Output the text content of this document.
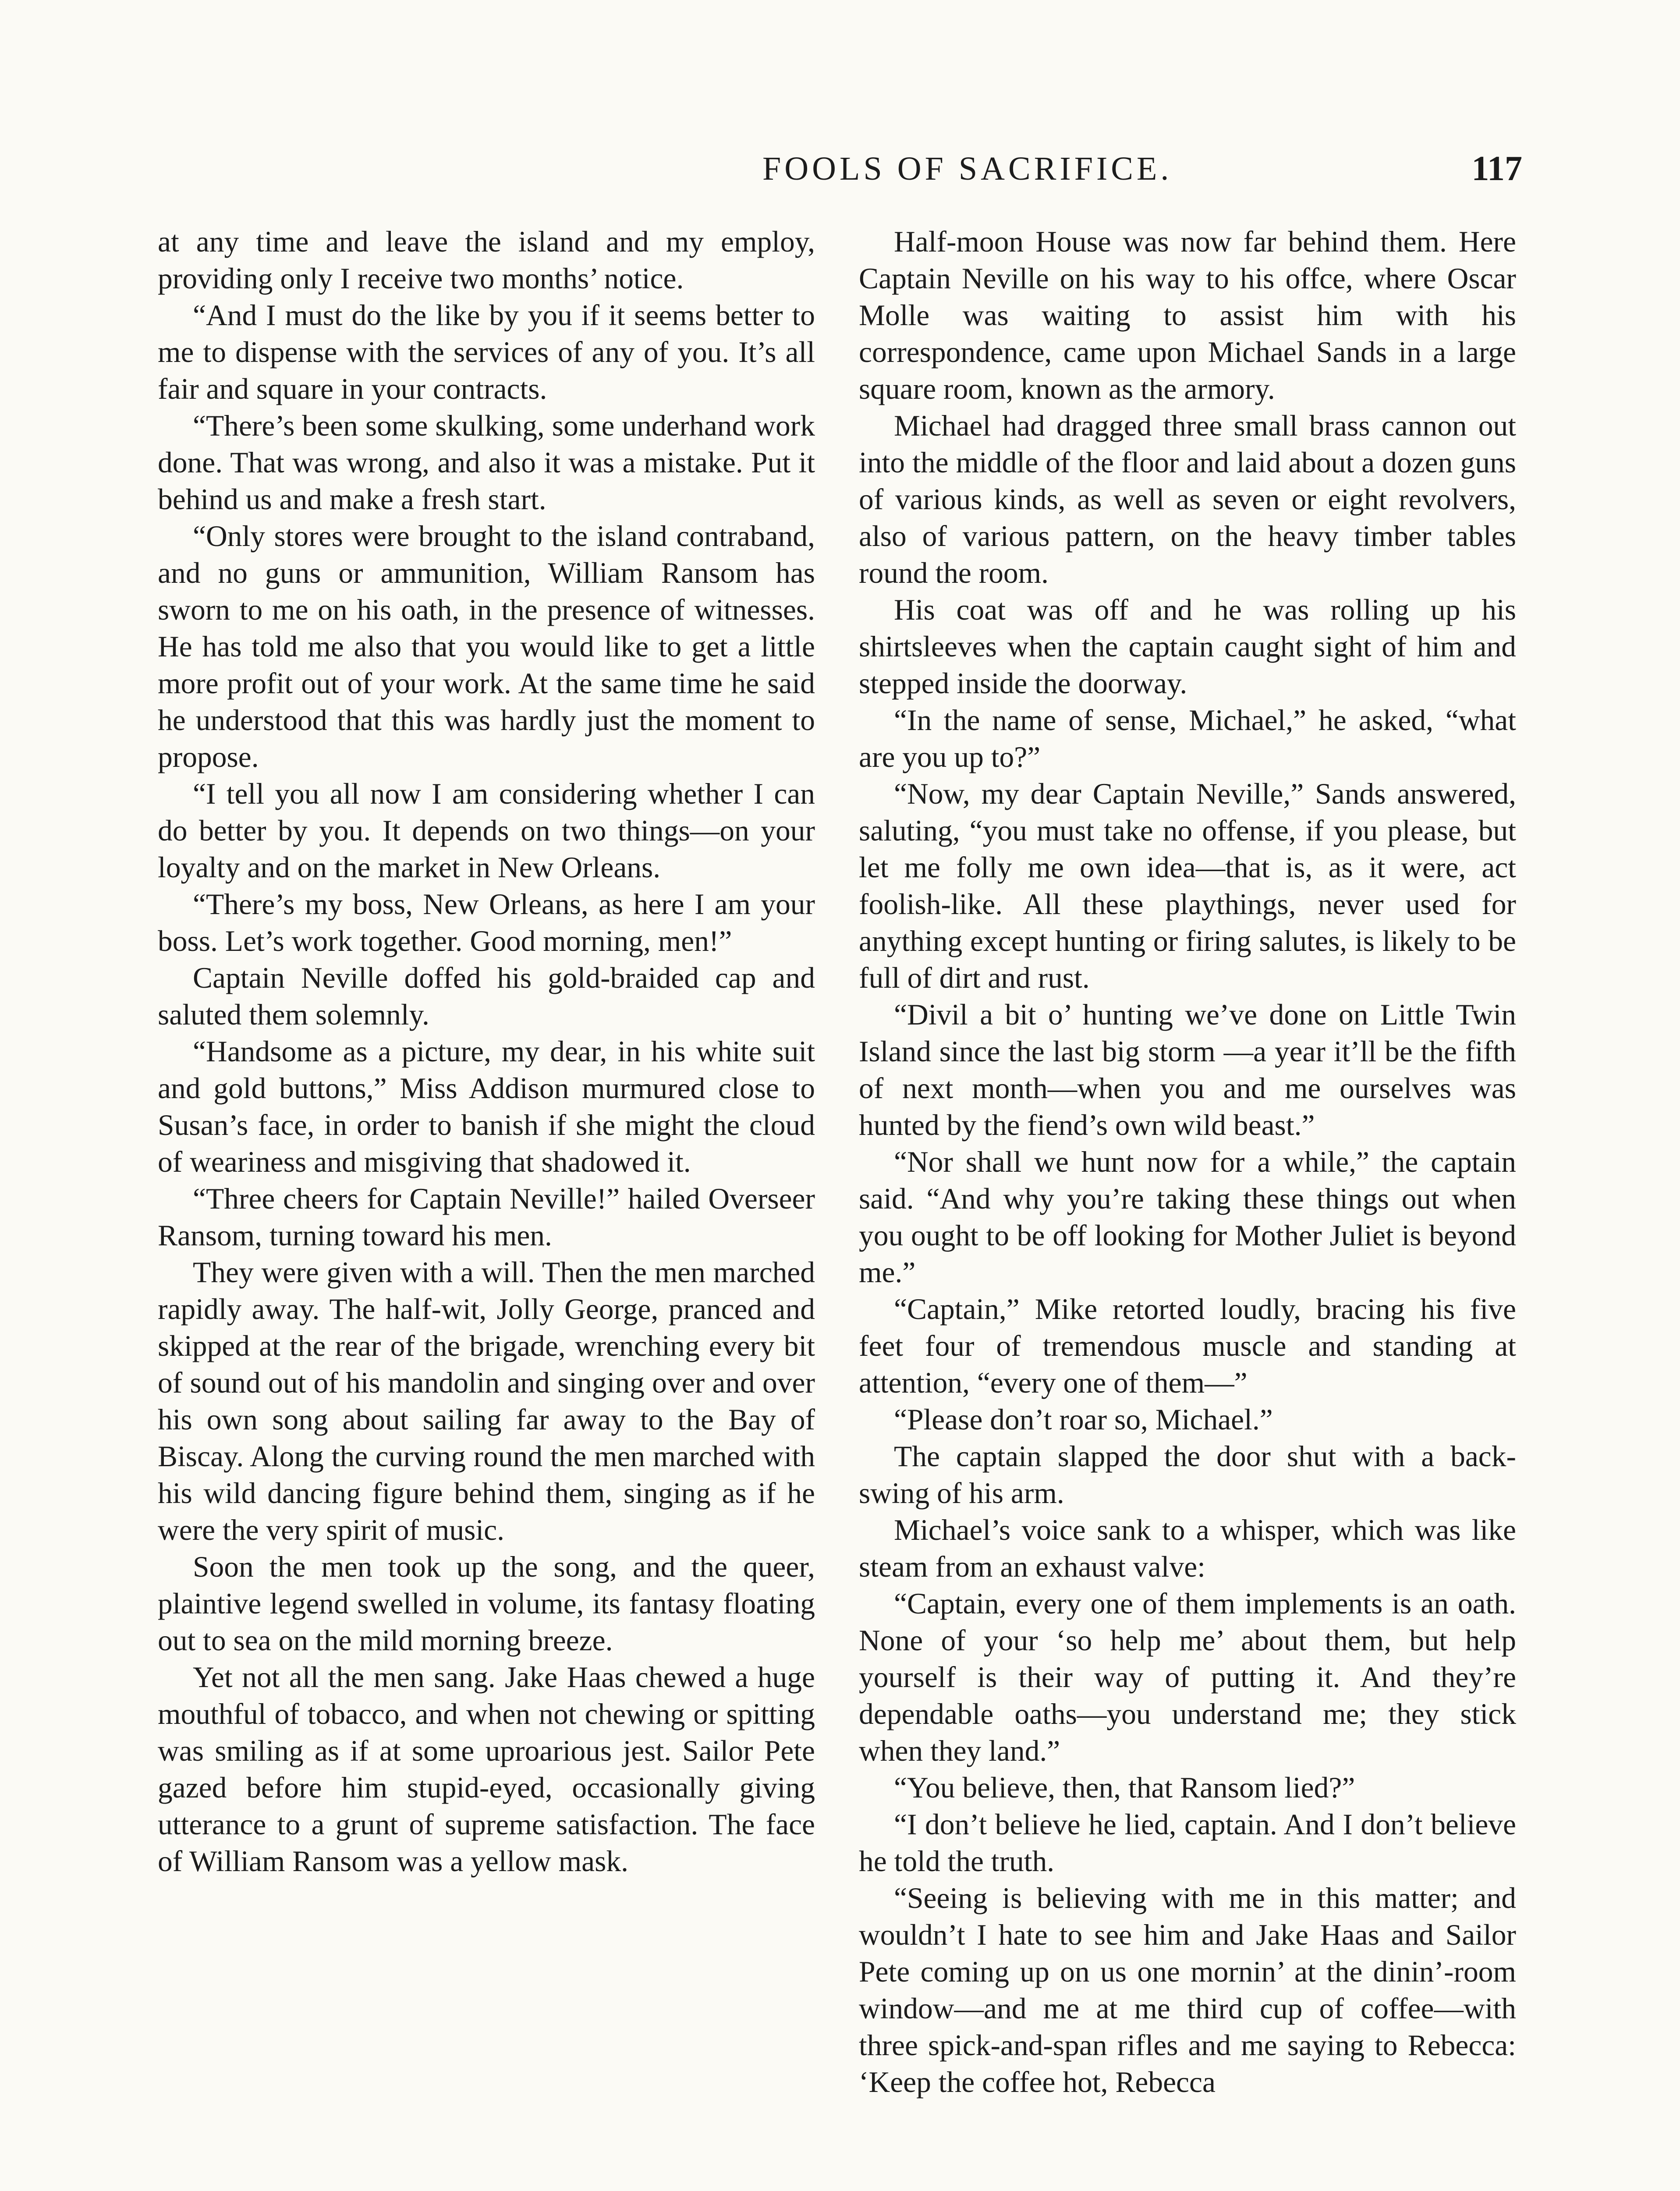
FOOLS OF SACRIFICE.	117

at any time and leave the island and my employ, providing only I receive two months’ notice.

“And I must do the like by you if it seems better to me to dispense with the services of any of you. It’s all fair and square in your contracts.

“There’s been some skulking, some underhand work done. That was wrong, and also it was a mistake. Put it behind us and make a fresh start.

“Only stores were brought to the island contraband, and no guns or ammunition, William Ransom has sworn to me on his oath, in the presence of witnesses. He has told me also that you would like to get a little more profit out of your work. At the same time he said he understood that this was hardly just the moment to propose.

“I tell you all now I am considering whether I can do better by you. It depends on two things—on your loyalty and on the market in New Orleans.

“There’s my boss, New Orleans, as here I am your boss. Let’s work together. Good morning, men!”

Captain Neville doffed his gold-braided cap and saluted them solemnly.

“Handsome as a picture, my dear, in his white suit and gold buttons,” Miss Addison murmured close to Susan’s face, in order to banish if she might the cloud of weariness and misgiving that shadowed it.

“Three cheers for Captain Neville!” hailed Overseer Ransom, turning toward his men.

They were given with a will. Then the men marched rapidly away. The half-wit, Jolly George, pranced and skipped at the rear of the brigade, wrenching every bit of sound out of his mandolin and singing over and over his own song about sailing far away to the Bay of Biscay. Along the curving round the men marched with his wild dancing figure behind them, singing as if he were the very spirit of music.

Soon the men took up the song, and the queer, plaintive legend swelled in volume, its fantasy floating out to sea on the mild morning breeze.

Yet not all the men sang. Jake Haas chewed a huge mouthful of tobacco, and when not chewing or spitting was smiling as if at some uproarious jest. Sailor Pete gazed before him stupid-eyed, occasionally giving utterance to a grunt of supreme satisfaction. The face of William Ransom was a yellow mask.

Half-moon House was now far behind them. Here Captain Neville on his way to his offce, where Oscar Molle was waiting to assist him with his correspondence, came upon Michael Sands in a large square room, known as the armory.

Michael had dragged three small brass cannon out into the middle of the floor and laid about a dozen guns of various kinds, as well as seven or eight revolvers, also of various pattern, on the heavy timber tables round the room.

His coat was off and he was rolling up his shirtsleeves when the captain caught sight of him and stepped inside the doorway.

“In the name of sense, Michael,” he asked, “what are you up to?”

“Now, my dear Captain Neville,” Sands answered, saluting, “you must take no offense, if you please, but let me folly me own idea—that is, as it were, act foolish-like. All these playthings, never used for anything except hunting or firing salutes, is likely to be full of dirt and rust.

“Divil a bit o’ hunting we’ve done on Little Twin Island since the last big storm —a year it’ll be the fifth of next month—when you and me ourselves was hunted by the fiend’s own wild beast.”

“Nor shall we hunt now for a while,” the captain said. “And why you’re taking these things out when you ought to be off looking for Mother Juliet is beyond me.”

“Captain,” Mike retorted loudly, bracing his five feet four of tremendous muscle and standing at attention, “every one of them—”

“Please don’t roar so, Michael.”

The captain slapped the door shut with a back-swing of his arm.

Michael’s voice sank to a whisper, which was like steam from an exhaust valve:

“Captain, every one of them implements is an oath. None of your ‘so help me’ about them, but help yourself is their way of putting it. And they’re dependable oaths—you understand me; they stick when they land.”

“You believe, then, that Ransom lied?”

“I don’t believe he lied, captain. And I don’t believe he told the truth.

“Seeing is believing with me in this matter; and wouldn’t I hate to see him and Jake Haas and Sailor Pete coming up on us one mornin’ at the dinin’-room window—and me at me third cup of coffee—with three spick-and-span rifles and me saying to Rebecca: ‘Keep the coffee hot, Rebecca
